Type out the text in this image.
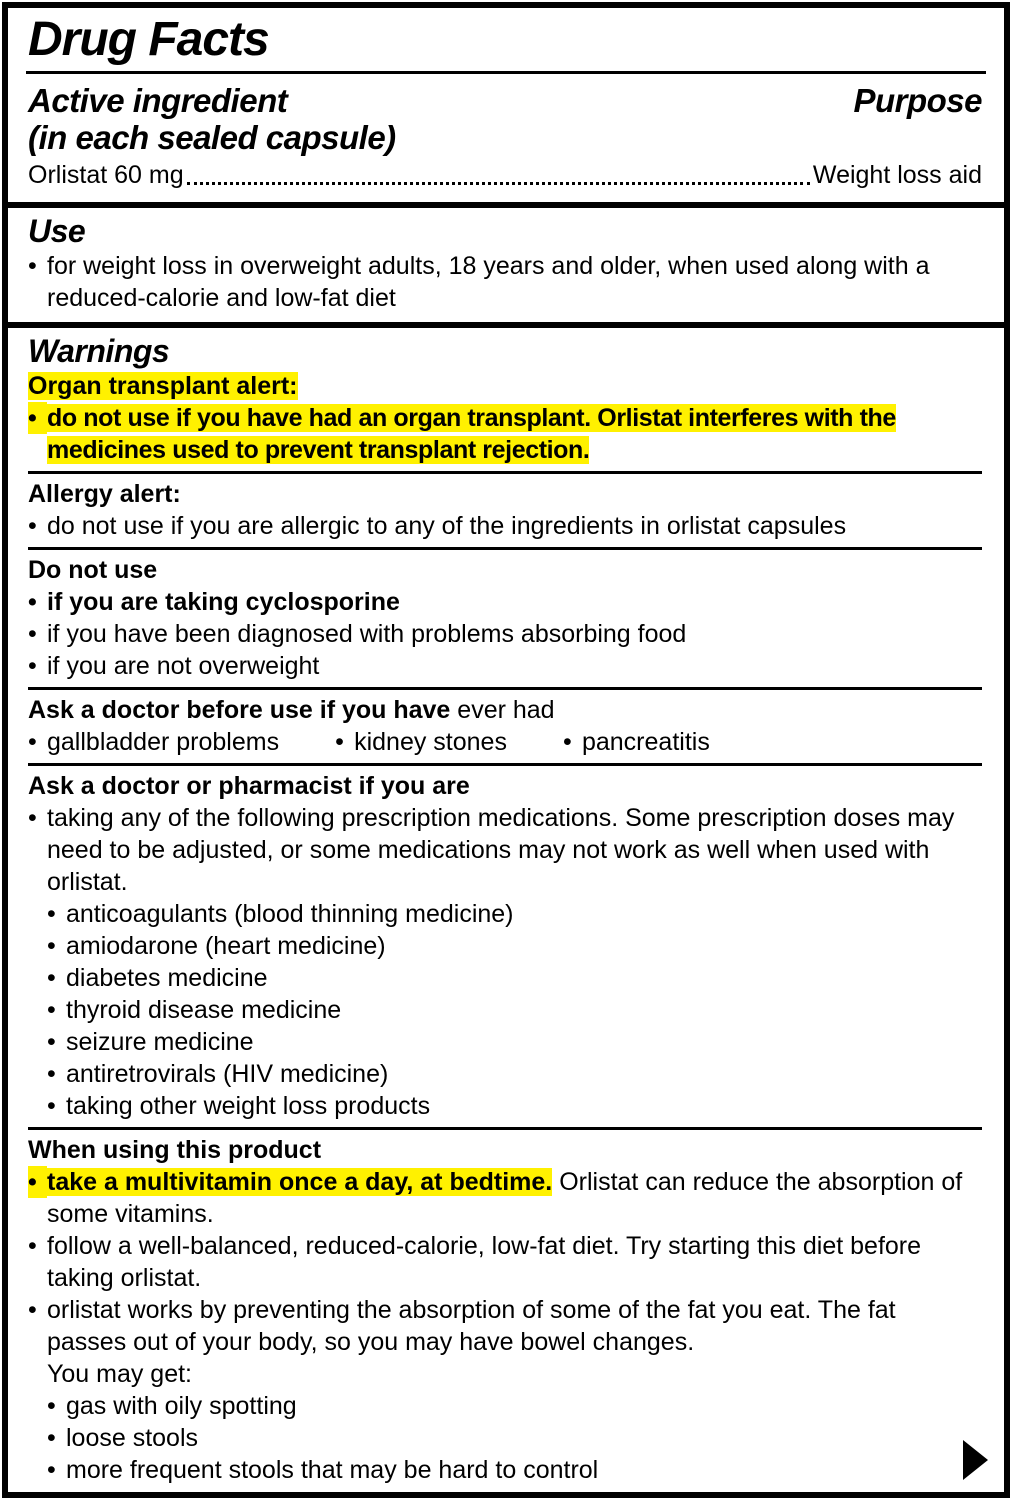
Drug Facts
Active ingredient
(in each sealed capsule)
Purpose
Orlistat 60 mg	Weight loss aid
Use
• for weight loss in overweight adults, 18 years and older, when used along with a reduced-calorie and low-fat diet
Warnings
Organ transplant alert:
• do not use if you have had an organ transplant. Orlistat interferes with the medicines used to prevent transplant rejection.
Allergy alert:
• do not use if you are allergic to any of the ingredients in orlistat capsules
Do not use
• if you are taking cyclosporine
• if you have been diagnosed with problems absorbing food
• if you are not overweight
Ask a doctor before use if you have ever had
• gallbladder problems • kidney stones • pancreatitis
Ask a doctor or pharmacist if you are
• taking any of the following prescription medications. Some prescription doses may need to be adjusted, or some medications may not work as well when used with orlistat.
• anticoagulants (blood thinning medicine)
• amiodarone (heart medicine)
• diabetes medicine
• thyroid disease medicine
• seizure medicine
• antiretrovirals (HIV medicine)
• taking other weight loss products
When using this product
• take a multivitamin once a day, at bedtime. Orlistat can reduce the absorption of some vitamins.
• follow a well-balanced, reduced-calorie, low-fat diet. Try starting this diet before taking orlistat.
• orlistat works by preventing the absorption of some of the fat you eat. The fat passes out of your body, so you may have bowel changes.
You may get:
• gas with oily spotting
• loose stools
• more frequent stools that may be hard to control
